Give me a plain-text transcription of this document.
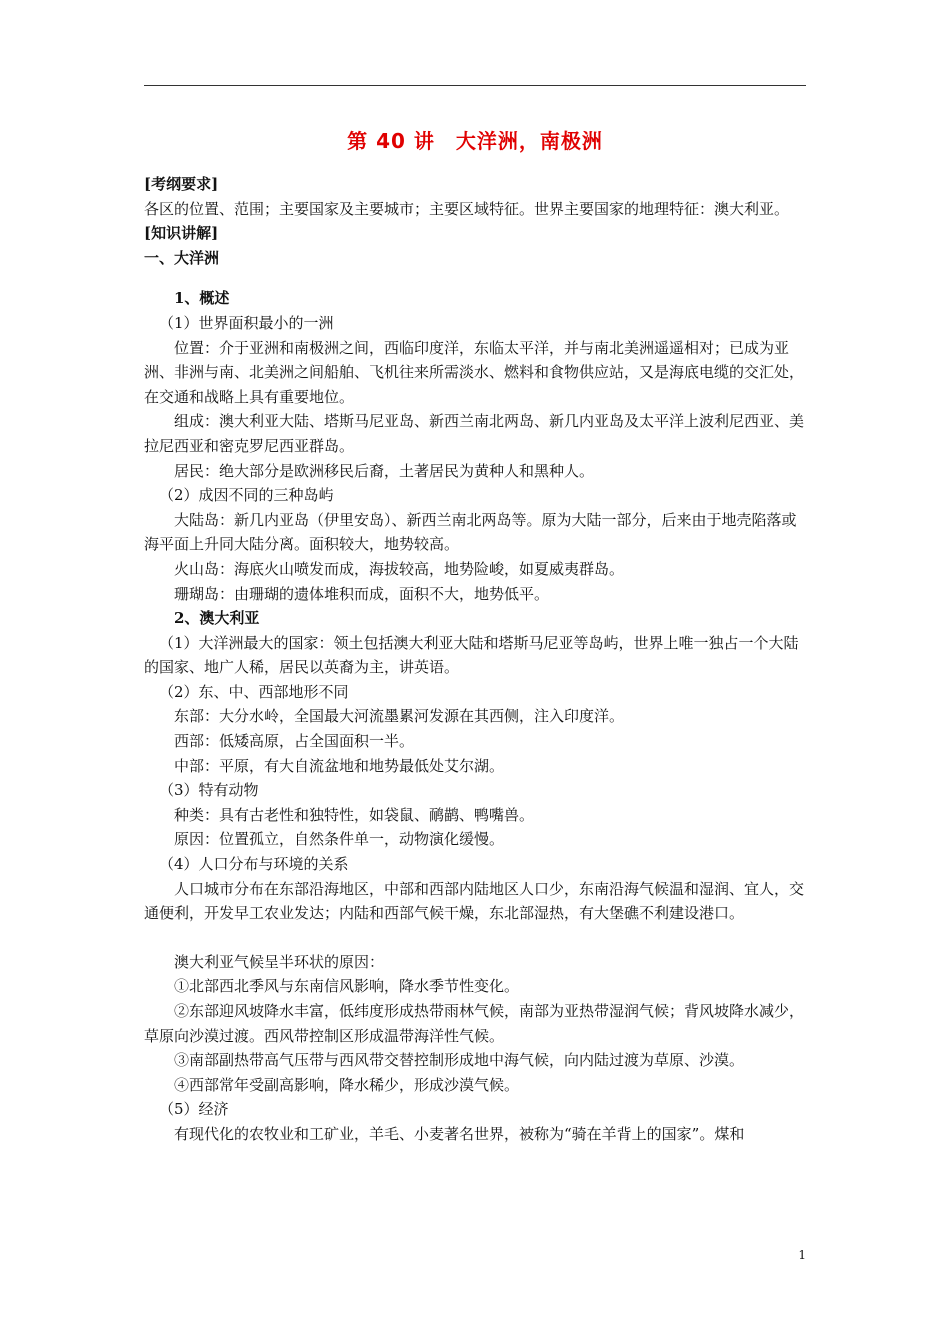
第 40 讲　大洋洲，南极洲

[考纲要求]

各区的位置、范围；主要国家及主要城市；主要区域特征。世界主要国家的地理特征：澳大利亚。

[知识讲解]

一、大洋洲

1、概述

（1）世界面积最小的一洲

位置：介于亚洲和南极洲之间，西临印度洋，东临太平洋，并与南北美洲遥遥相对；已成为亚洲、非洲与南、北美洲之间船舶、飞机往来所需淡水、燃料和食物供应站，又是海底电缆的交汇处，在交通和战略上具有重要地位。

组成：澳大利亚大陆、塔斯马尼亚岛、新西兰南北两岛、新几内亚岛及太平洋上波利尼西亚、美拉尼西亚和密克罗尼西亚群岛。

居民：绝大部分是欧洲移民后裔，土著居民为黄种人和黑种人。

（2）成因不同的三种岛屿

大陆岛：新几内亚岛（伊里安岛）、新西兰南北两岛等。原为大陆一部分，后来由于地壳陷落或海平面上升同大陆分离。面积较大，地势较高。

火山岛：海底火山喷发而成，海拔较高，地势险峻，如夏威夷群岛。

珊瑚岛：由珊瑚的遗体堆积而成，面积不大，地势低平。

2、澳大利亚

（1）大洋洲最大的国家：领土包括澳大利亚大陆和塔斯马尼亚等岛屿，世界上唯一独占一个大陆的国家、地广人稀，居民以英裔为主，讲英语。

（2）东、中、西部地形不同

东部：大分水岭，全国最大河流墨累河发源在其西侧，注入印度洋。

西部：低矮高原，占全国面积一半。

中部：平原，有大自流盆地和地势最低处艾尔湖。

（3）特有动物

种类：具有古老性和独特性，如袋鼠、鸸鹋、鸭嘴兽。

原因：位置孤立，自然条件单一，动物演化缓慢。

（4）人口分布与环境的关系

人口城市分布在东部沿海地区，中部和西部内陆地区人口少，东南沿海气候温和湿润、宜人，交通便利，开发早工农业发达；内陆和西部气候干燥，东北部湿热，有大堡礁不利建设港口。

澳大利亚气候呈半环状的原因：

①北部西北季风与东南信风影响，降水季节性变化。

②东部迎风坡降水丰富，低纬度形成热带雨林气候，南部为亚热带湿润气候；背风坡降水减少，草原向沙漠过渡。西风带控制区形成温带海洋性气候。

③南部副热带高气压带与西风带交替控制形成地中海气候，向内陆过渡为草原、沙漠。

④西部常年受副高影响，降水稀少，形成沙漠气候。

（5）经济

有现代化的农牧业和工矿业，羊毛、小麦著名世界，被称为“骑在羊背上的国家”。煤和

1
